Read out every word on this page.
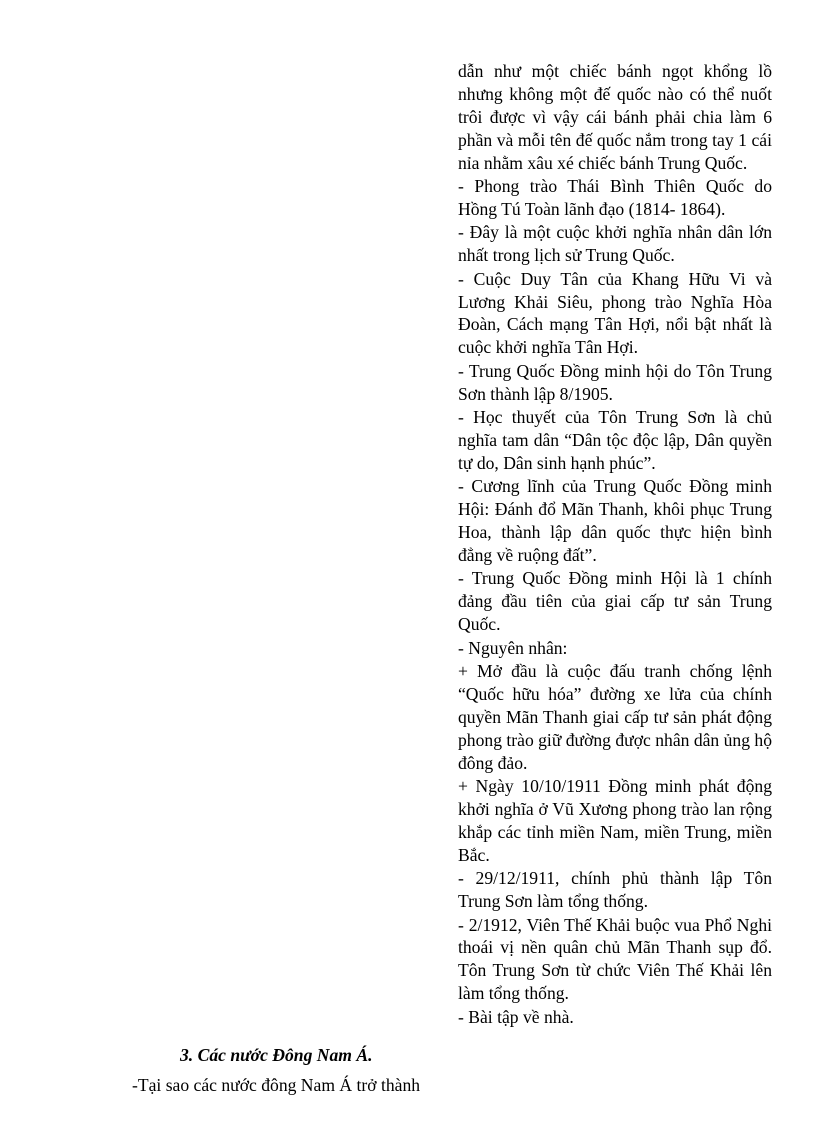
dẫn như một chiếc bánh ngọt khổng lồ nhưng không một đế quốc nào có thể nuốt trôi được vì vậy cái bánh phải chia làm 6 phần và mỗi tên đế quốc nắm trong tay 1 cái nỉa nhằm xâu xé chiếc bánh Trung Quốc.

- Phong trào Thái Bình Thiên Quốc do Hồng Tú Toàn lãnh đạo (1814- 1864).

- Đây là một cuộc khởi nghĩa nhân dân lớn nhất trong lịch sử Trung Quốc.

- Cuộc Duy Tân của Khang Hữu Vi và Lương Khải Siêu, phong trào Nghĩa Hòa Đoàn, Cách mạng Tân Hợi, nổi bật nhất là cuộc khởi nghĩa Tân Hợi.

- Trung Quốc Đồng minh hội do Tôn Trung Sơn thành lập 8/1905.

- Học thuyết của Tôn Trung Sơn là chủ nghĩa tam dân “Dân tộc độc lập, Dân quyền tự do, Dân sinh hạnh phúc”.

- Cương lĩnh của Trung Quốc Đồng minh Hội: Đánh đổ Mãn Thanh, khôi phục Trung Hoa, thành lập dân quốc thực hiện bình đẳng về ruộng đất”.

- Trung Quốc Đồng minh Hội là 1 chính đảng đầu tiên của giai cấp tư sản Trung Quốc.

- Nguyên nhân:

+ Mở đầu là cuộc đấu tranh chống lệnh “Quốc hữu hóa” đường xe lửa của chính quyền Mãn Thanh giai cấp tư sản phát động phong trào giữ đường được nhân dân ủng hộ đông đảo.

+ Ngày 10/10/1911 Đồng minh phát động khởi nghĩa ở Vũ Xương phong trào lan rộng khắp các tỉnh miền Nam, miền Trung, miền Bắc.

- 29/12/1911, chính phủ thành lập Tôn Trung Sơn làm tổng thống.

- 2/1912, Viên Thế Khải buộc vua Phổ Nghi thoái vị nền quân chủ Mãn Thanh sụp đổ. Tôn Trung Sơn từ chức Viên Thế Khải lên làm tổng thống.

- Bài tập về nhà.

3. Các nước Đông Nam Á.
-Tại sao các nước đông Nam Á trở thành
